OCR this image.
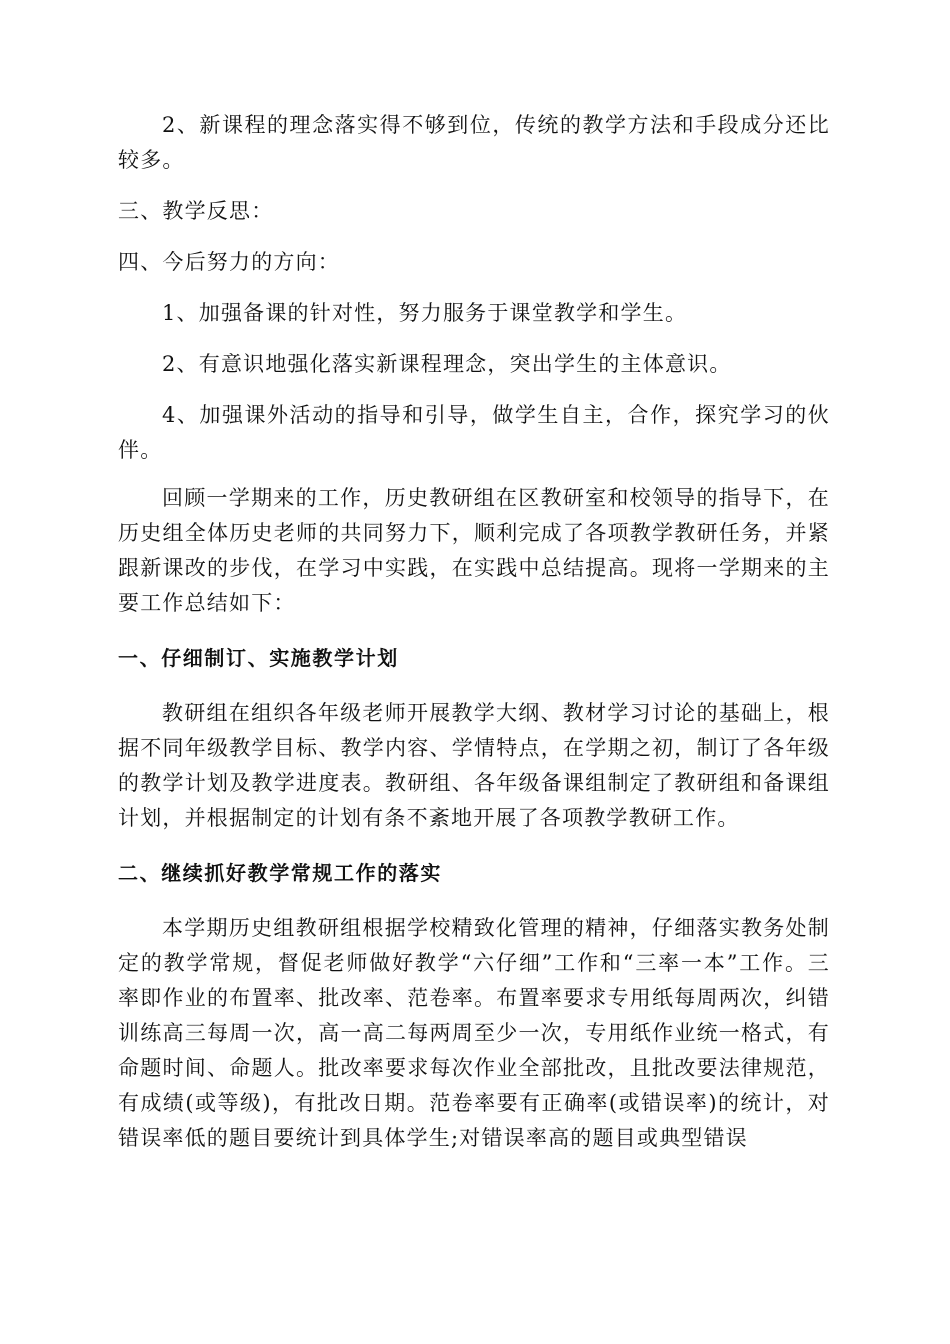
2、新课程的理念落实得不够到位，传统的教学方法和手段成分还比较多。

三、教学反思：

四、今后努力的方向：

1、加强备课的针对性，努力服务于课堂教学和学生。

2、有意识地强化落实新课程理念，突出学生的主体意识。

4、加强课外活动的指导和引导，做学生自主，合作，探究学习的伙伴。

回顾一学期来的工作，历史教研组在区教研室和校领导的指导下，在历史组全体历史老师的共同努力下，顺利完成了各项教学教研任务，并紧跟新课改的步伐，在学习中实践，在实践中总结提高。现将一学期来的主要工作总结如下：

一、仔细制订、实施教学计划

教研组在组织各年级老师开展教学大纲、教材学习讨论的基础上，根据不同年级教学目标、教学内容、学情特点，在学期之初，制订了各年级的教学计划及教学进度表。教研组、各年级备课组制定了教研组和备课组计划，并根据制定的计划有条不紊地开展了各项教学教研工作。

二、继续抓好教学常规工作的落实

本学期历史组教研组根据学校精致化管理的精神，仔细落实教务处制定的教学常规，督促老师做好教学“六仔细”工作和“三率一本”工作。三率即作业的布置率、批改率、范卷率。布置率要求专用纸每周两次，纠错训练高三每周一次，高一高二每两周至少一次，专用纸作业统一格式，有命题时间、命题人。批改率要求每次作业全部批改，且批改要法律规范，有成绩(或等级)，有批改日期。范卷率要有正确率(或错误率)的统计，对错误率低的题目要统计到具体学生;对错误率高的题目或典型错误
